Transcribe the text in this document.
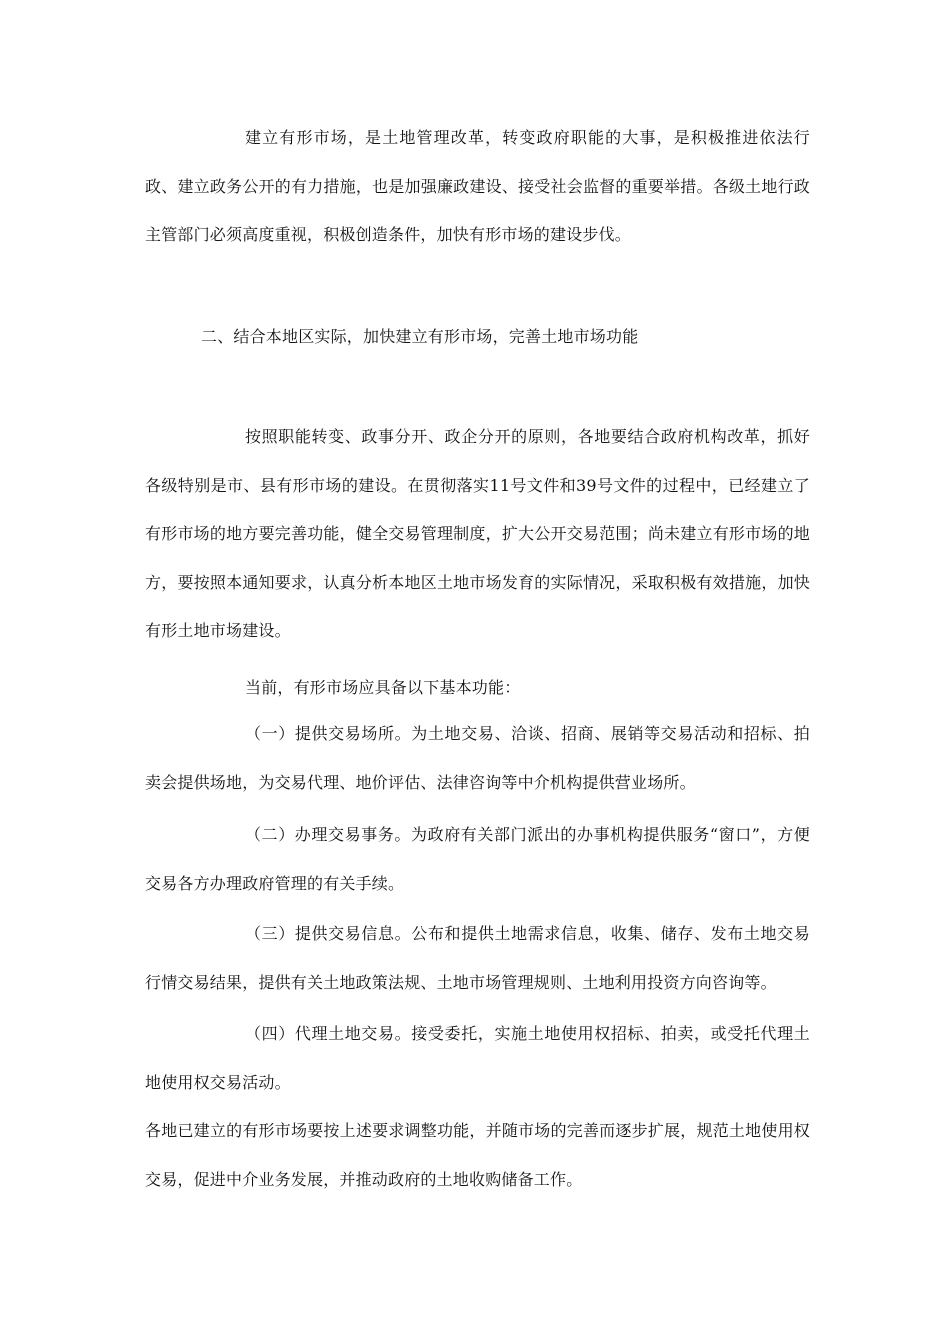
建立有形市场，是土地管理改革，转变政府职能的大事，是积极推进依法行政、建立政务公开的有力措施，也是加强廉政建设、接受社会监督的重要举措。各级土地行政主管部门必须高度重视，积极创造条件，加快有形市场的建设步伐。

二、结合本地区实际，加快建立有形市场，完善土地市场功能

按照职能转变、政事分开、政企分开的原则，各地要结合政府机构改革，抓好各级特别是市、县有形市场的建设。在贯彻落实11号文件和39号文件的过程中，已经建立了有形市场的地方要完善功能，健全交易管理制度，扩大公开交易范围；尚未建立有形市场的地方，要按照本通知要求，认真分析本地区土地市场发育的实际情况，采取积极有效措施，加快有形土地市场建设。

当前，有形市场应具备以下基本功能：

（一）提供交易场所。为土地交易、洽谈、招商、展销等交易活动和招标、拍卖会提供场地，为交易代理、地价评估、法律咨询等中介机构提供营业场所。

（二）办理交易事务。为政府有关部门派出的办事机构提供服务“窗口”，方便交易各方办理政府管理的有关手续。

（三）提供交易信息。公布和提供土地需求信息，收集、储存、发布土地交易行情交易结果，提供有关土地政策法规、土地市场管理规则、土地利用投资方向咨询等。

（四）代理土地交易。接受委托，实施土地使用权招标、拍卖，或受托代理土地使用权交易活动。

各地已建立的有形市场要按上述要求调整功能，并随市场的完善而逐步扩展，规范土地使用权交易，促进中介业务发展，并推动政府的土地收购储备工作。
